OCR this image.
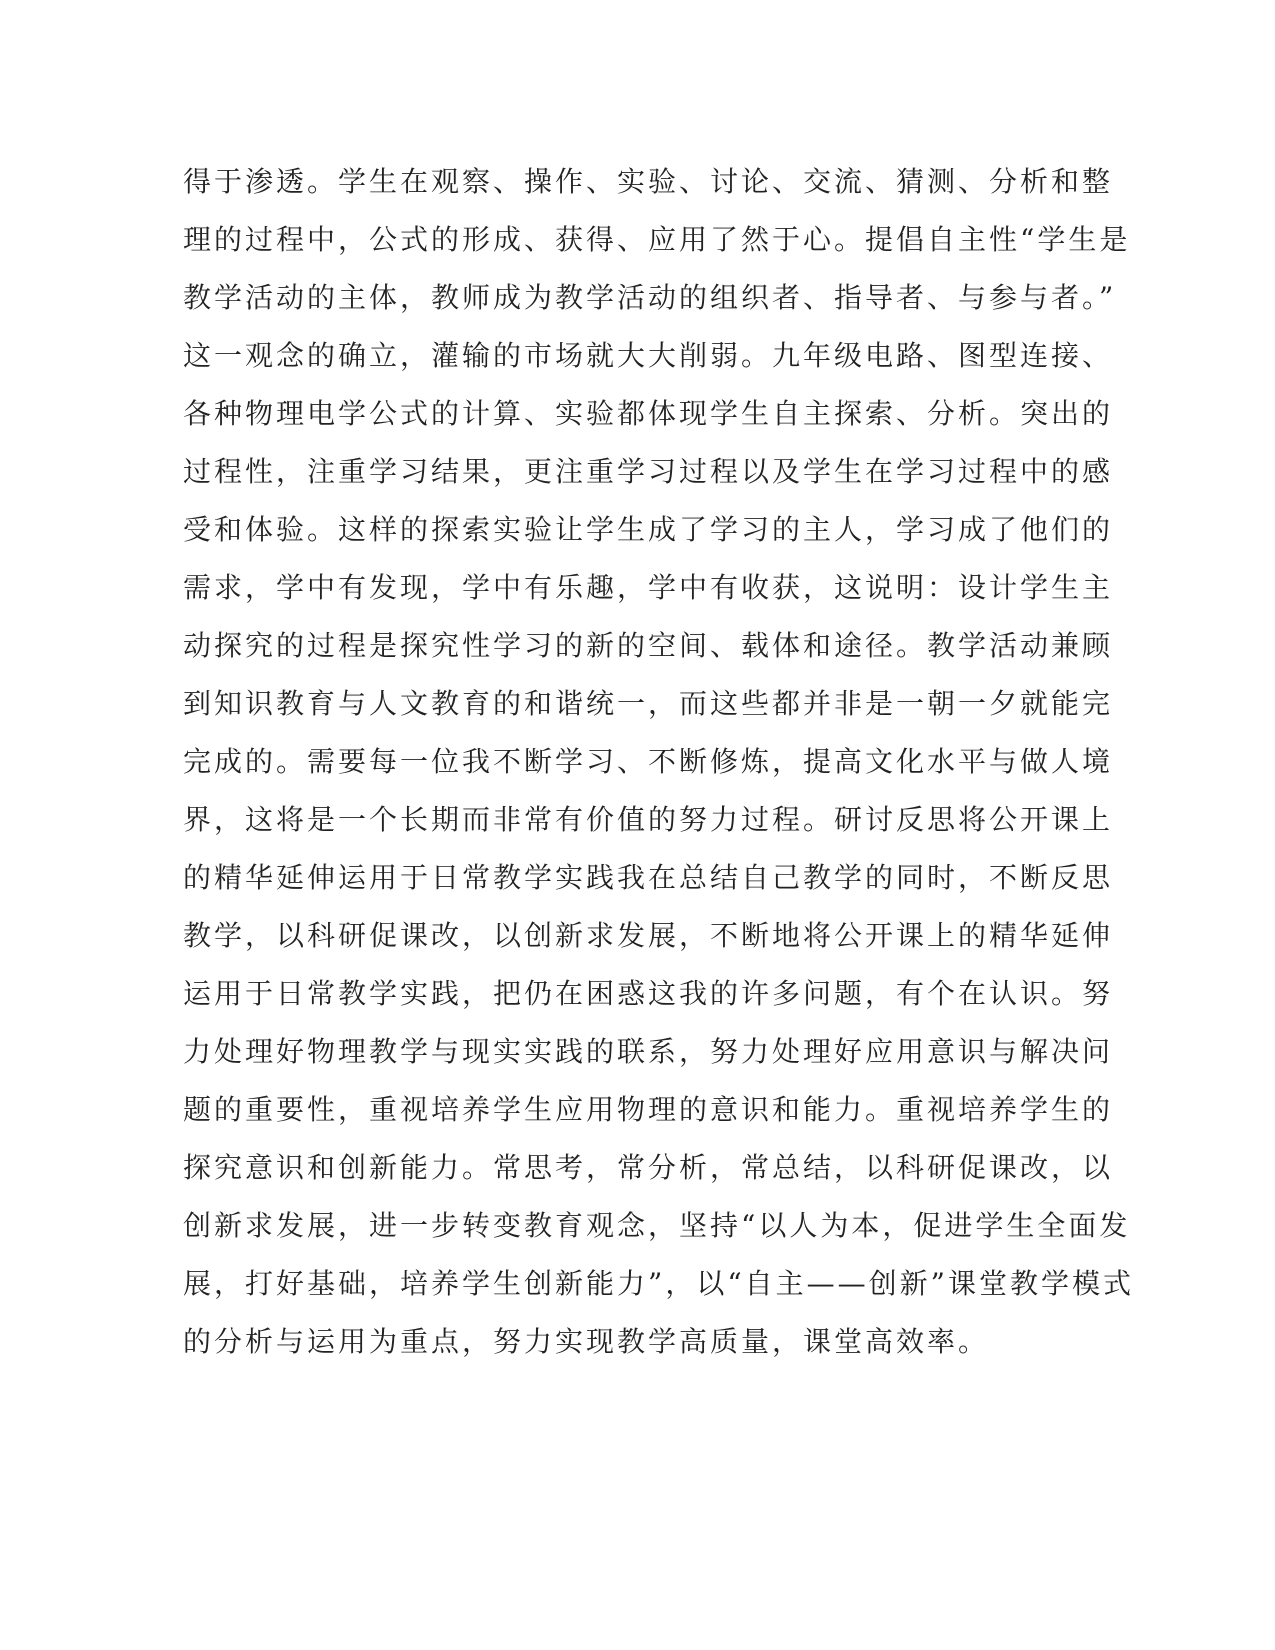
得于渗透。学生在观察、操作、实验、讨论、交流、猜测、分析和整
理的过程中，公式的形成、获得、应用了然于心。提倡自主性“学生是
教学活动的主体，教师成为教学活动的组织者、指导者、与参与者。”
这一观念的确立，灌输的市场就大大削弱。九年级电路、图型连接、
各种物理电学公式的计算、实验都体现学生自主探索、分析。突出的
过程性，注重学习结果，更注重学习过程以及学生在学习过程中的感
受和体验。这样的探索实验让学生成了学习的主人，学习成了他们的
需求，学中有发现，学中有乐趣，学中有收获，这说明：设计学生主
动探究的过程是探究性学习的新的空间、载体和途径。教学活动兼顾
到知识教育与人文教育的和谐统一，而这些都并非是一朝一夕就能完
完成的。需要每一位我不断学习、不断修炼，提高文化水平与做人境
界，这将是一个长期而非常有价值的努力过程。研讨反思将公开课上
的精华延伸运用于日常教学实践我在总结自己教学的同时，不断反思
教学，以科研促课改，以创新求发展，不断地将公开课上的精华延伸
运用于日常教学实践，把仍在困惑这我的许多问题，有个在认识。努
力处理好物理教学与现实实践的联系，努力处理好应用意识与解决问
题的重要性，重视培养学生应用物理的意识和能力。重视培养学生的
探究意识和创新能力。常思考，常分析，常总结，以科研促课改，以
创新求发展，进一步转变教育观念，坚持“以人为本，促进学生全面发
展，打好基础，培养学生创新能力”，以“自主——创新”课堂教学模式
的分析与运用为重点，努力实现教学高质量，课堂高效率。
